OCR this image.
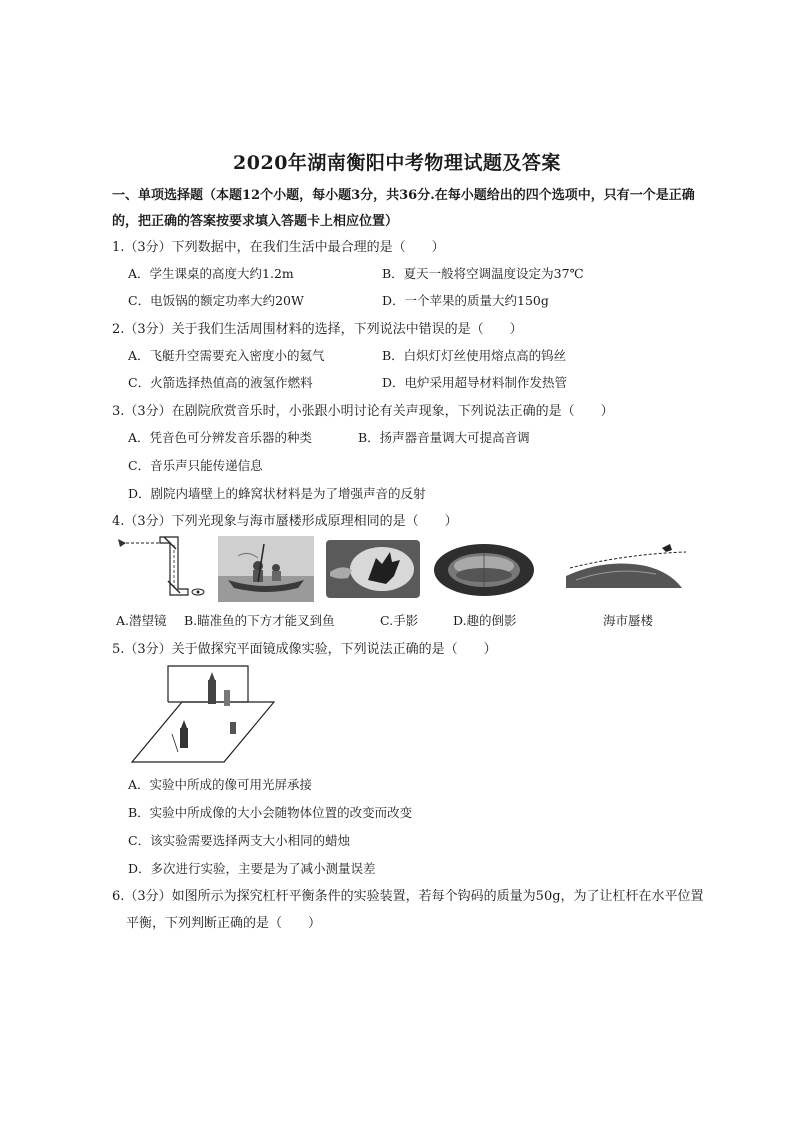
2020年湖南衡阳中考物理试题及答案
一、单项选择题（本题12个小题，每小题3分，共36分.在每小题给出的四个选项中，只有一个是正确
的，把正确的答案按要求填入答题卡上相应位置）
1.（3分）下列数据中，在我们生活中最合理的是（　　）
A．学生课桌的高度大约1.2m	B．夏天一般将空调温度设定为37℃
C．电饭锅的额定功率大约20W	D．一个苹果的质量大约150g
2.（3分）关于我们生活周围材料的选择，下列说法中错误的是（　　）
A．飞艇升空需要充入密度小的氦气	B．白炽灯灯丝使用熔点高的钨丝
C．火箭选择热值高的液氢作燃料	D．电炉采用超导材料制作发热管
3.（3分）在剧院欣赏音乐时，小张跟小明讨论有关声现象，下列说法正确的是（　　）
A．凭音色可分辨发音乐器的种类	B．扬声器音量调大可提高音调
C．音乐声只能传递信息
D．剧院内墙壁上的蜂窝状材料是为了增强声音的反射
4.（3分）下列光现象与海市蜃楼形成原理相同的是（　　）
A.潜望镜 B.瞄准鱼的下方才能叉到鱼	C.手影	D.趣的倒影	海市蜃楼
5.（3分）关于做探究平面镜成像实验，下列说法正确的是（　　）
A．实验中所成的像可用光屏承接
B．实验中所成像的大小会随物体位置的改变而改变
C．该实验需要选择两支大小相同的蜡烛
D．多次进行实验，主要是为了减小测量误差
6.（3分）如图所示为探究杠杆平衡条件的实验装置，若每个钩码的质量为50g，为了让杠杆在水平位置
平衡，下列判断正确的是（　　）
